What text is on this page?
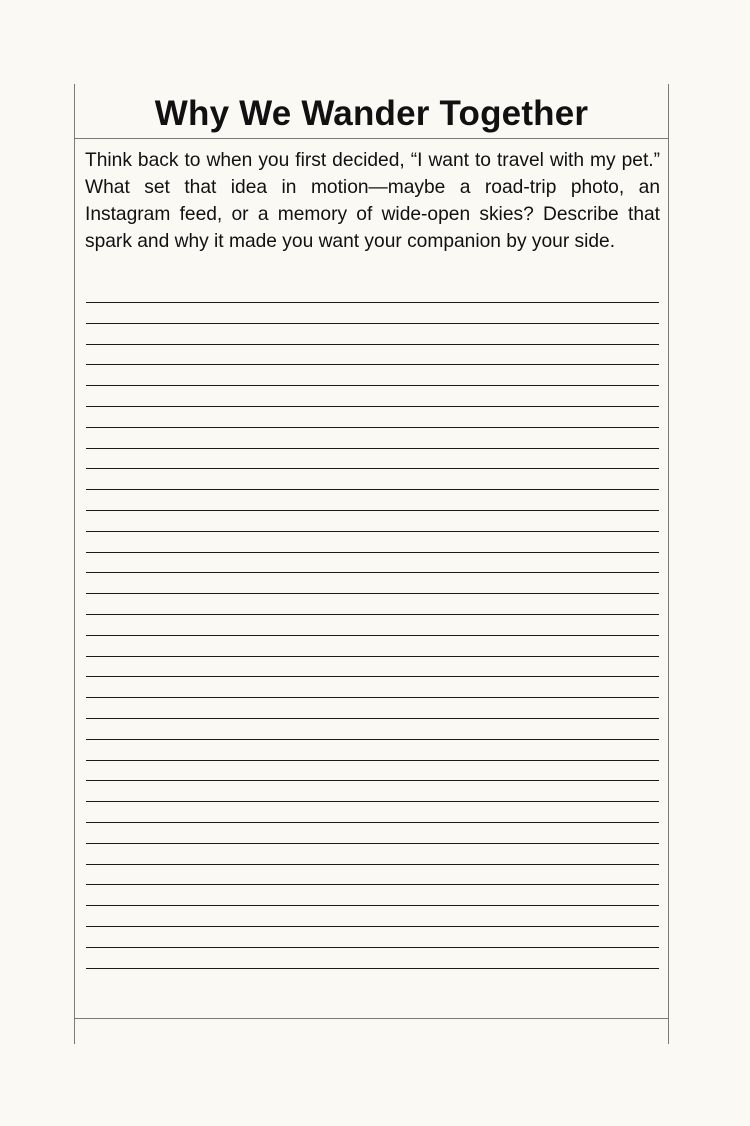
Why We Wander Together

Think back to when you first decided, “I want to travel with my pet.” What set that idea in motion—maybe a road-trip photo, an Instagram feed, or a memory of wide-open skies? Describe that spark and why it made you want your companion by your side.
